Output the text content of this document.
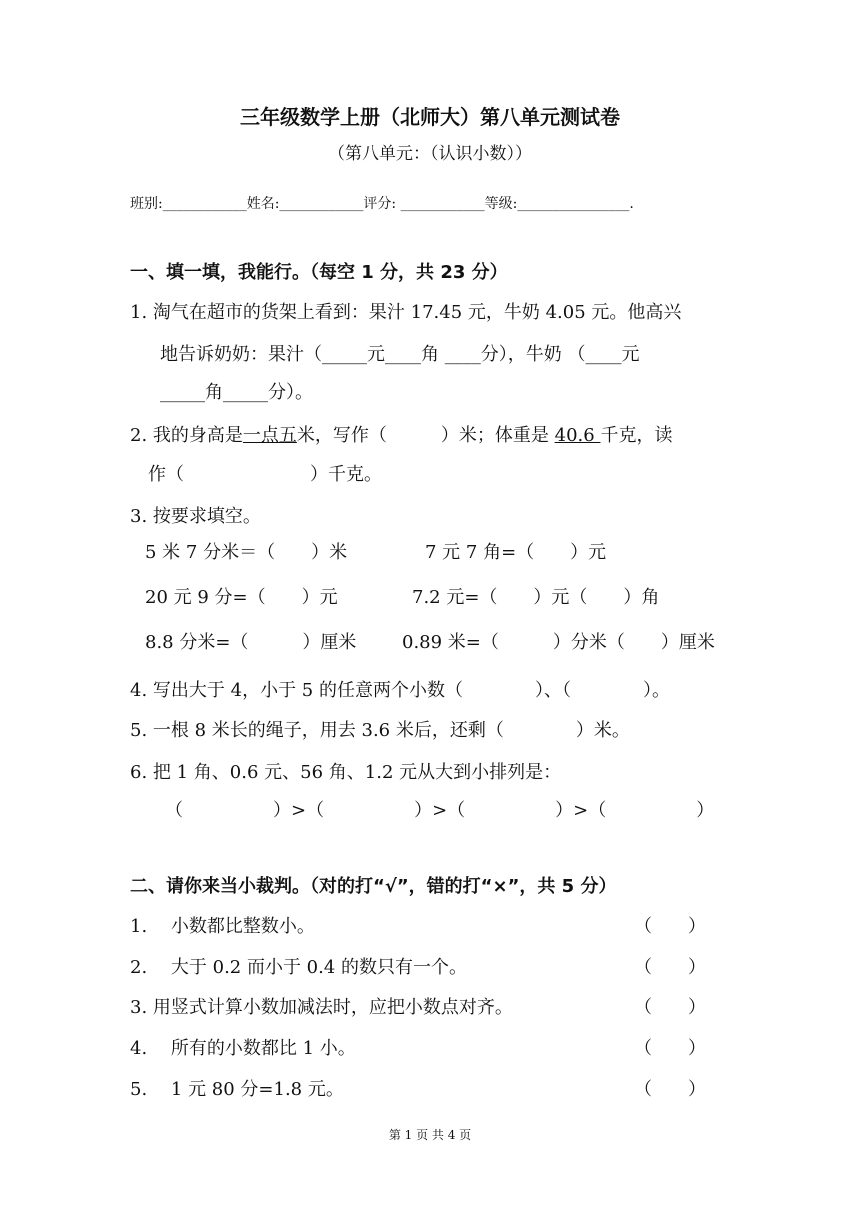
三年级数学上册（北师大）第八单元测试卷
（第八单元：（认识小数））
班别:____________姓名:____________评分: ____________等级:________________.
一、填一填，我能行。（每空 1 分，共 23 分）
1. 淘气在超市的货架上看到：果汁 17.45 元，牛奶 4.05 元。他高兴
地告诉奶奶：果汁（_____元____角 ____分），牛奶 （____元
_____角_____分）。
2. 我的身高是一点五米，写作（　　　）米；体重是 40.6 千克，读
作（　　　　　　　）千克。
3. 按要求填空。
5 米 7 分米＝（　　）米	7 元 7 角=（　　）元
20 元 9 分=（　　）元	7.2 元=（　　）元（　　）角
8.8 分米=（　　　）厘米	0.89 米=（　　　）分米（　　）厘米
4. 写出大于 4，小于 5 的任意两个小数（　　　　）、（　　　　）。
5. 一根 8 米长的绳子，用去 3.6 米后，还剩（　　　　）米。
6. 把 1 角、0.6 元、56 角、1.2 元从大到小排列是：
（　　　　　）>（　　　　　）>（　　　　　）>（　　　　　）
二、请你来当小裁判。（对的打“√”，错的打“×”，共 5 分）
1.　 小数都比整数小。	（　　）
2.　 大于 0.2 而小于 0.4 的数只有一个。	（　　）
3. 用竖式计算小数加减法时，应把小数点对齐。	（　　）
4.　 所有的小数都比 1 小。	（　　）
5.　 1 元 80 分=1.8 元。	（　　）
第 1 页 共 4 页
